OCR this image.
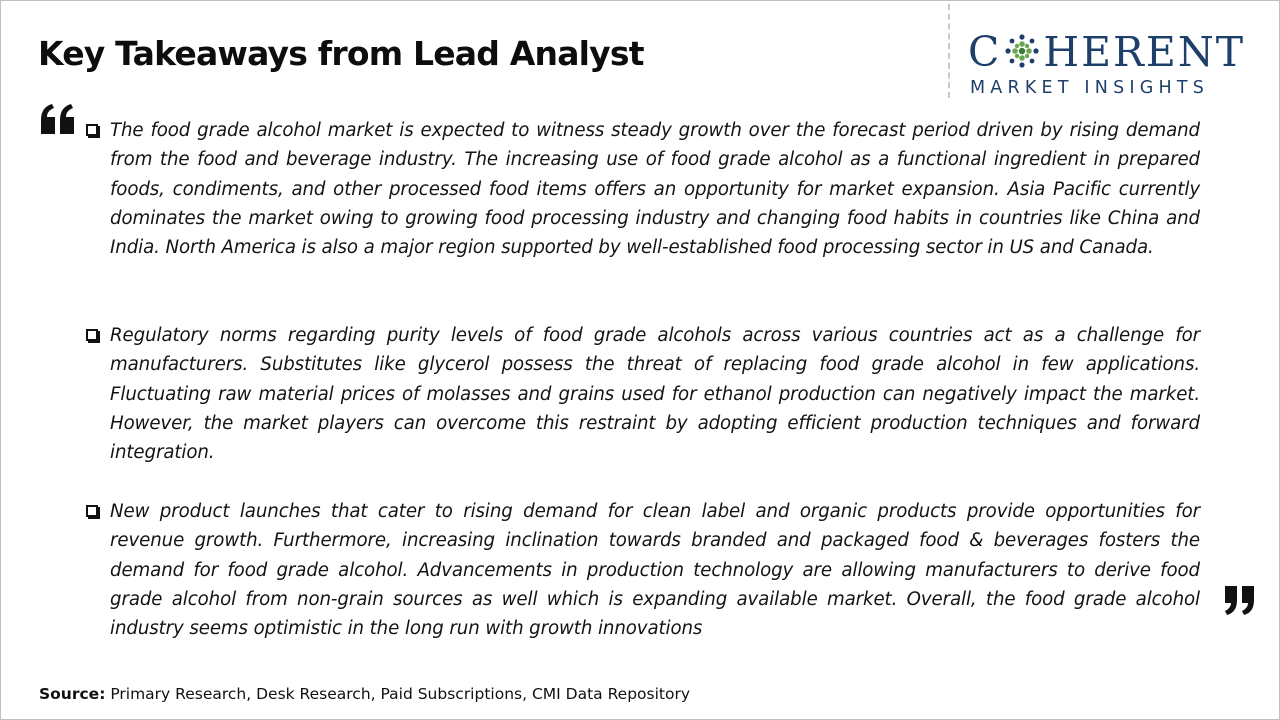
Key Takeaways from Lead Analyst	C HERENT
MARKET INSIGHTS

The food grade alcohol market is expected to witness steady growth over the forecast period driven by rising demand from the food and beverage industry. The increasing use of food grade alcohol as a functional ingredient in prepared foods, condiments, and other processed food items offers an opportunity for market expansion. Asia Pacific currently dominates the market owing to growing food processing industry and changing food habits in countries like China and India. North America is also a major region supported by well-established food processing sector in US and Canada.

Regulatory norms regarding purity levels of food grade alcohols across various countries act as a challenge for manufacturers. Substitutes like glycerol possess the threat of replacing food grade alcohol in few applications. Fluctuating raw material prices of molasses and grains used for ethanol production can negatively impact the market. However, the market players can overcome this restraint by adopting efficient production techniques and forward integration.

New product launches that cater to rising demand for clean label and organic products provide opportunities for revenue growth. Furthermore, increasing inclination towards branded and packaged food & beverages fosters the demand for food grade alcohol. Advancements in production technology are allowing manufacturers to derive food grade alcohol from non-grain sources as well which is expanding available market. Overall, the food grade alcohol industry seems optimistic in the long run with growth innovations

Source: Primary Research, Desk Research, Paid Subscriptions, CMI Data Repository
